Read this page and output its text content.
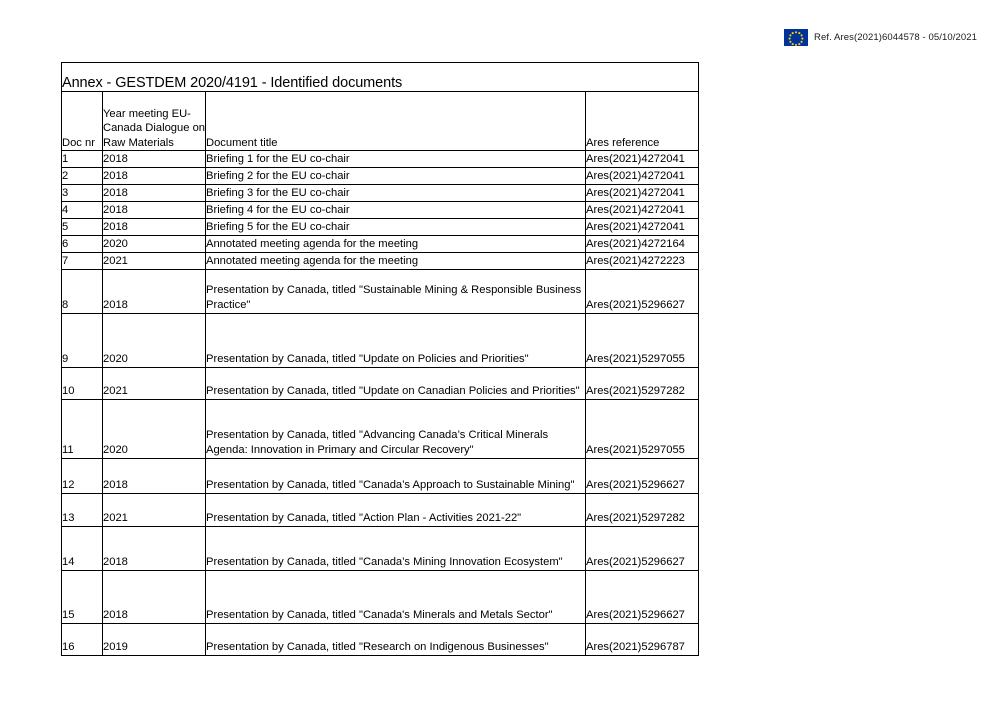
Ref. Ares(2021)6044578 - 05/10/2021
Annex - GESTDEM 2020/4191 - Identified documents			
Doc nr	Year meeting EU-Canada Dialogue on Raw Materials	Document title	Ares reference
1	2018	Briefing 1 for the EU co-chair	Ares(2021)4272041
2	2018	Briefing 2 for the EU co-chair	Ares(2021)4272041
3	2018	Briefing 3 for the EU co-chair	Ares(2021)4272041
4	2018	Briefing 4 for the EU co-chair	Ares(2021)4272041
5	2018	Briefing 5 for the EU co-chair	Ares(2021)4272041
6	2020	Annotated meeting agenda for the meeting	Ares(2021)4272164
7	2021	Annotated meeting agenda for the meeting	Ares(2021)4272223
8	2018	Presentation by Canada, titled "Sustainable Mining & Responsible Business Practice"	Ares(2021)5296627
9	2020	Presentation by Canada, titled "Update on Policies and Priorities"	Ares(2021)5297055
10	2021	Presentation by Canada, titled "Update on Canadian Policies and Priorities"	Ares(2021)5297282
11	2020	Presentation by Canada, titled "Advancing Canada’s Critical Minerals Agenda: Innovation in Primary and Circular Recovery"	Ares(2021)5297055
12	2018	Presentation by Canada, titled "Canada’s Approach to Sustainable Mining"	Ares(2021)5296627
13	2021	Presentation by Canada, titled "Action Plan - Activities 2021-22"	Ares(2021)5297282
14	2018	Presentation by Canada, titled "Canada’s Mining Innovation Ecosystem"	Ares(2021)5296627
15	2018	Presentation by Canada, titled "Canada's Minerals and Metals Sector"	Ares(2021)5296627
16	2019	Presentation by Canada, titled "Research on Indigenous Businesses"	Ares(2021)5296787
